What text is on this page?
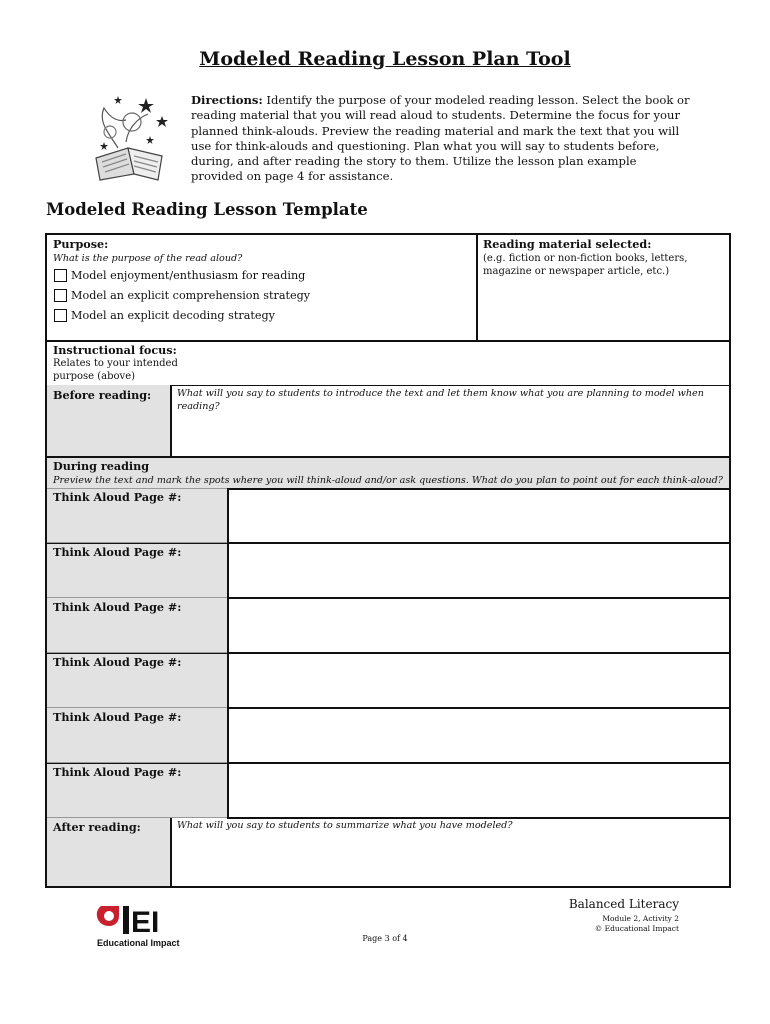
Modeled Reading Lesson Plan Tool
Directions: Identify the purpose of your modeled reading lesson. Select the book or reading material that you will read aloud to students. Determine the focus for your planned think-alouds. Preview the reading material and mark the text that you will use for think-alouds and questioning. Plan what you will say to students before, during, and after reading the story to them. Utilize the lesson plan example provided on page 4 for assistance.
Modeled Reading Lesson Template
Purpose:
What is the purpose of the read aloud?
Model enjoyment/enthusiasm for reading
Model an explicit comprehension strategy
Model an explicit decoding strategy
Reading material selected:
(e.g. fiction or non-fiction books, letters, magazine or newspaper article, etc.)
Instructional focus:
Relates to your intended purpose (above)
Before reading:	What will you say to students to introduce the text and let them know what you are planning to model when reading?
During reading
Preview the text and mark the spots where you will think-aloud and/or ask questions. What do you plan to point out for each think-aloud?
Think Aloud Page #:
Think Aloud Page #:
Think Aloud Page #:
Think Aloud Page #:
Think Aloud Page #:
Think Aloud Page #:
After reading:	What will you say to students to summarize what you have modeled?
Balanced Literacy
Module 2, Activity 2
© Educational Impact
EI
Educational Impact	Page 3 of 4
